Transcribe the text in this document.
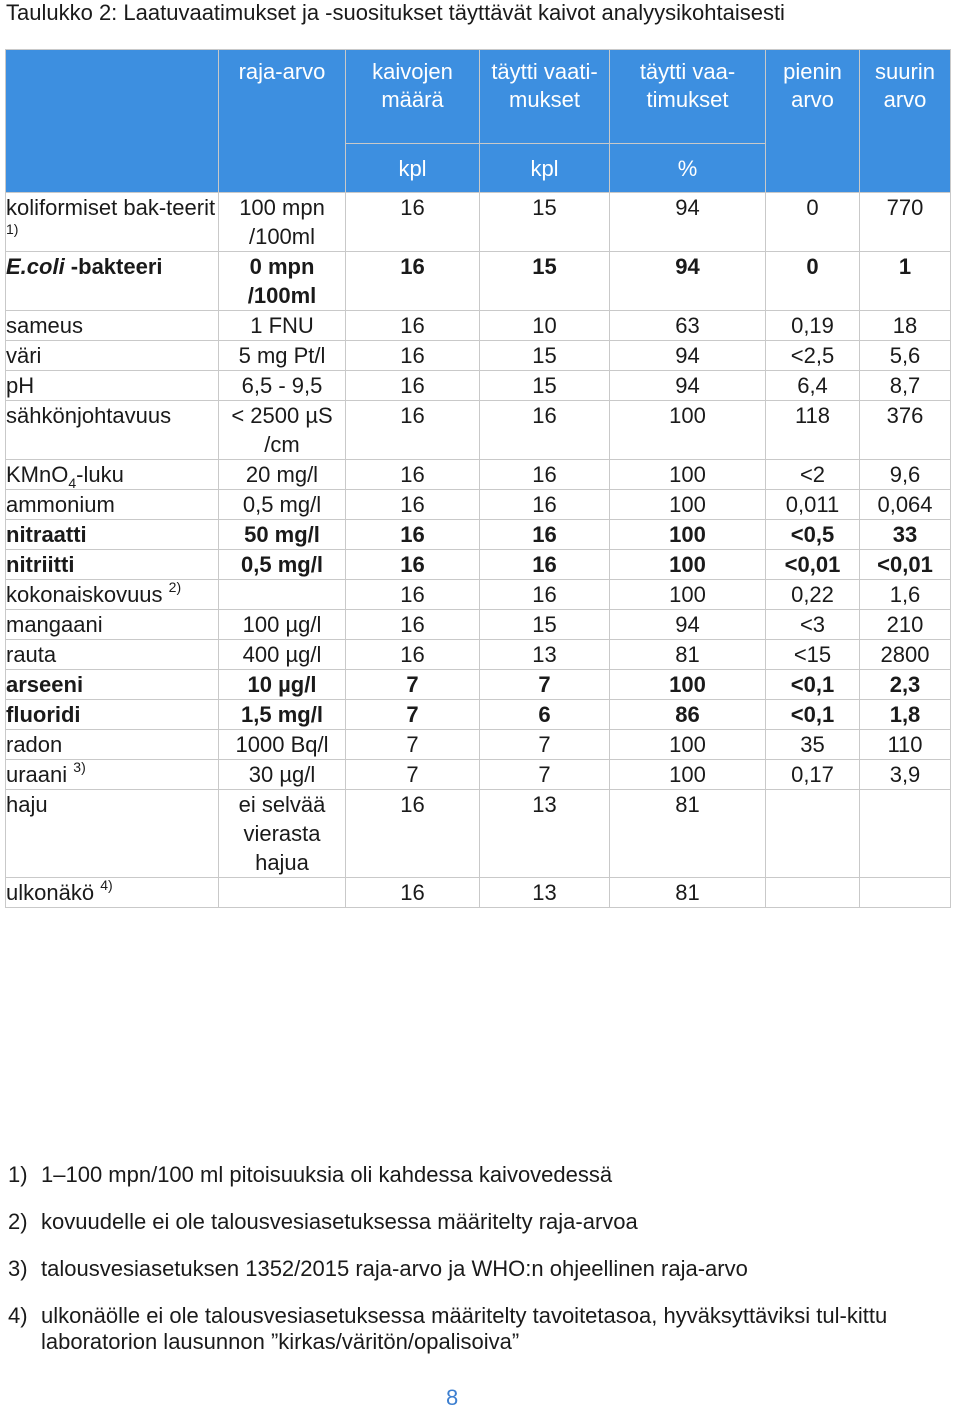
Taulukko 2: Laatuvaatimukset ja -suositukset täyttävät kaivot analyysikohtaisesti
	raja-arvo	kaivojen määrä	täytti vaati-mukset	täytti vaa-timukset	pienin arvo	suurin arvo
		kpl	kpl	%		
koliformiset bak-teerit $^{1)}$	100 mpn /100ml	16	15	94	0	770
E.coli -bakteeri	0 mpn /100ml	16	15	94	0	1
sameus	1 FNU	16	10	63	0,19	18
väri	5 mg Pt/l	16	15	94	<2,5	5,6
pH	6,5 - 9,5	16	15	94	6,4	8,7
sähkönjohtavuus	< 2500 µS /cm	16	16	100	118	376
KMnO$_4$-luku	20 mg/l	16	16	100	<2	9,6
ammonium	0,5 mg/l	16	16	100	0,011	0,064
nitraatti	50 mg/l	16	16	100	<0,5	33
nitriitti	0,5 mg/l	16	16	100	<0,01	<0,01
kokonaiskovuus $^{2)}$		16	16	100	0,22	1,6
mangaani	100 µg/l	16	15	94	<3	210
rauta	400 µg/l	16	13	81	<15	2800
arseeni	10 µg/l	7	7	100	<0,1	2,3
fluoridi	1,5 mg/l	7	6	86	<0,1	1,8
radon	1000 Bq/l	7	7	100	35	110
uraani $^{3)}$	30 µg/l	7	7	100	0,17	3,9
haju	ei selvää vierasta hajua	16	13	81		
ulkonäkö $^{4)}$		16	13	81		
1) 1–100 mpn/100 ml pitoisuuksia oli kahdessa kaivovedessä
2) kovuudelle ei ole talousvesiasetuksessa määritelty raja-arvoa
3) talousvesiasetuksen 1352/2015 raja-arvo ja WHO:n ohjeellinen raja-arvo
4) ulkonäölle ei ole talousvesiasetuksessa määritelty tavoitetasoa, hyväksyttäviksi tul-kittu laboratorion lausunnon ”kirkas/väritön/opalisoiva”
8
